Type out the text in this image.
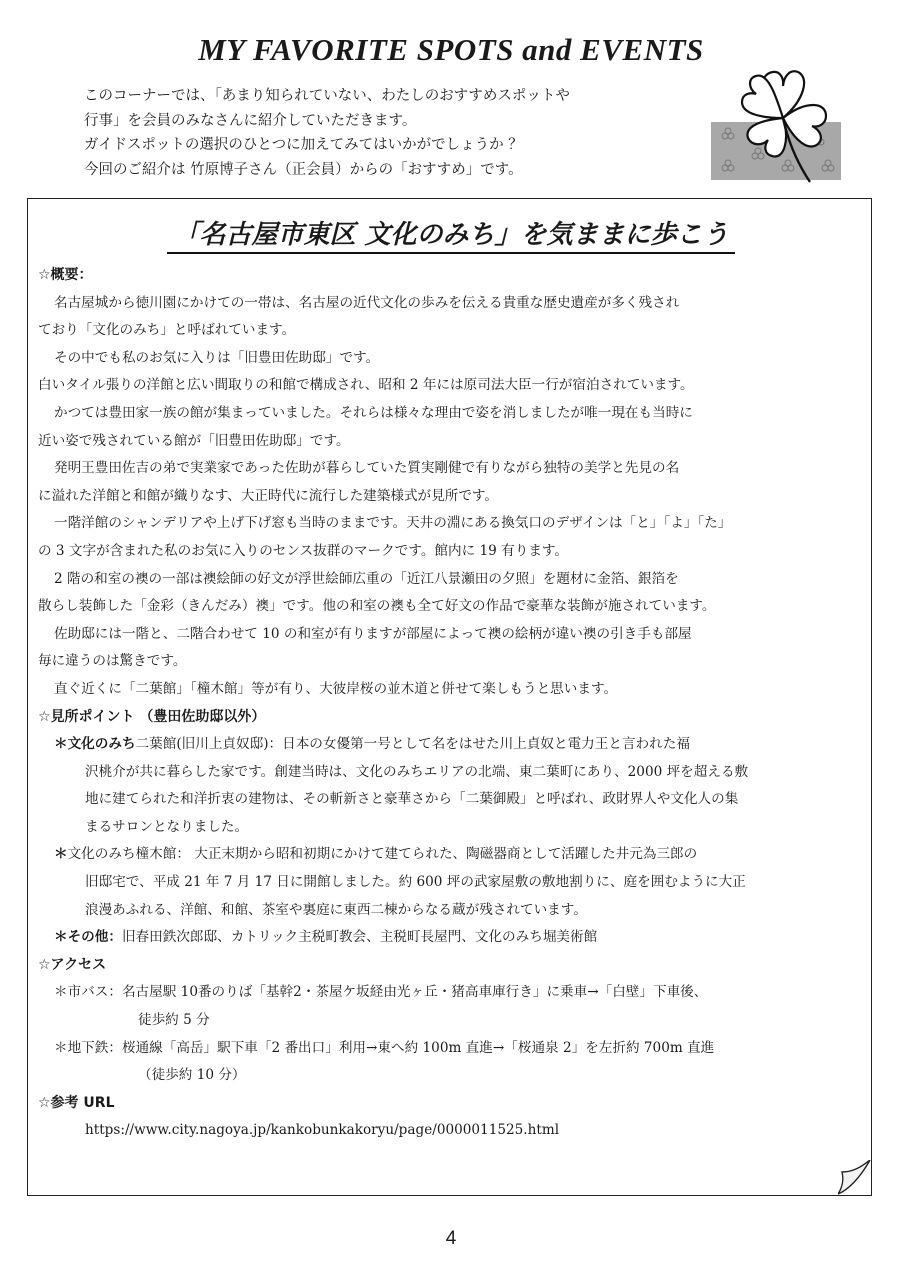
MY FAVORITE SPOTS and EVENTS
このコーナーでは、「あまり知られていない、わたしのおすすめスポットや
行事」を会員のみなさんに紹介していただきます。
ガイドスポットの選択のひとつに加えてみてはいかがでしょうか ？
今回のご紹介は 竹原博子さん（正会員）からの「おすすめ」です。
「名古屋市東区 文化のみち」を気ままに歩こう
☆概要：
名古屋城から徳川園にかけての一帯は、名古屋の近代文化の歩みを伝える貴重な歴史遺産が多く残され
ており「文化のみち」と呼ばれています。
その中でも私のお気に入りは「旧豊田佐助邸」です。
白いタイル張りの洋館と広い間取りの和館で構成され、昭和 2 年には原司法大臣一行が宿泊されています。
かつては豊田家一族の館が集まっていました。それらは様々な理由で姿を消しましたが唯一現在も当時に
近い姿で残されている館が「旧豊田佐助邸」です。
発明王豊田佐吉の弟で実業家であった佐助が暮らしていた質実剛健で有りながら独特の美学と先見の名
に溢れた洋館と和館が織りなす、大正時代に流行した建築様式が見所です。
一階洋館のシャンデリアや上げ下げ窓も当時のままです。天井の淵にある換気口のデザインは「と」「よ」「た」
の 3 文字が含まれた私のお気に入りのセンス抜群のマークです。館内に 19 有ります。
2 階の和室の襖の一部は襖絵師の好文が浮世絵師広重の「近江八景瀬田の夕照」を題材に金箔、銀箔を
散らし装飾した「金彩（きんだみ）襖」です。他の和室の襖も全て好文の作品で豪華な装飾が施されています。
佐助邸には一階と、二階合わせて 10 の和室が有りますが部屋によって襖の絵柄が違い襖の引き手も部屋
毎に違うのは驚きです。
直ぐ近くに「二葉館」「橦木館」等が有り、大彼岸桜の並木道と併せて楽しもうと思います。
☆見所ポイント （豊田佐助邸以外）
＊文化のみち二葉館(旧川上貞奴邸)：日本の女優第一号として名をはせた川上貞奴と電力王と言われた福
沢桃介が共に暮らした家です。創建当時は、文化のみちエリアの北端、東二葉町にあり、2000 坪を超える敷
地に建てられた和洋折衷の建物は、その斬新さと豪華さから「二葉御殿」と呼ばれ、政財界人や文化人の集
まるサロンとなりました。
＊文化のみち橦木館： 大正末期から昭和初期にかけて建てられた、陶磁器商として活躍した井元為三郎の
旧邸宅で、平成 21 年 7 月 17 日に開館しました。約 600 坪の武家屋敷の敷地割りに、庭を囲むように大正
浪漫あふれる、洋館、和館、茶室や裏庭に東西二棟からなる蔵が残されています。
＊その他：旧春田鉄次郎邸、カトリック主税町教会、主税町長屋門、文化のみち堀美術館
☆アクセス
＊市バス：名古屋駅 10番のりば「基幹2・茶屋ケ坂経由光ヶ丘・猪高車庫行き」に乗車→「白壁」下車後、
徒歩約 5 分
＊地下鉄：桜通線「高岳」駅下車「2 番出口」利用→東へ約 100m 直進→「桜通泉 2」を左折約 700m 直進
（徒歩約 10 分）
☆参考 URL
https://www.city.nagoya.jp/kankobunkakoryu/page/0000011525.html
4
